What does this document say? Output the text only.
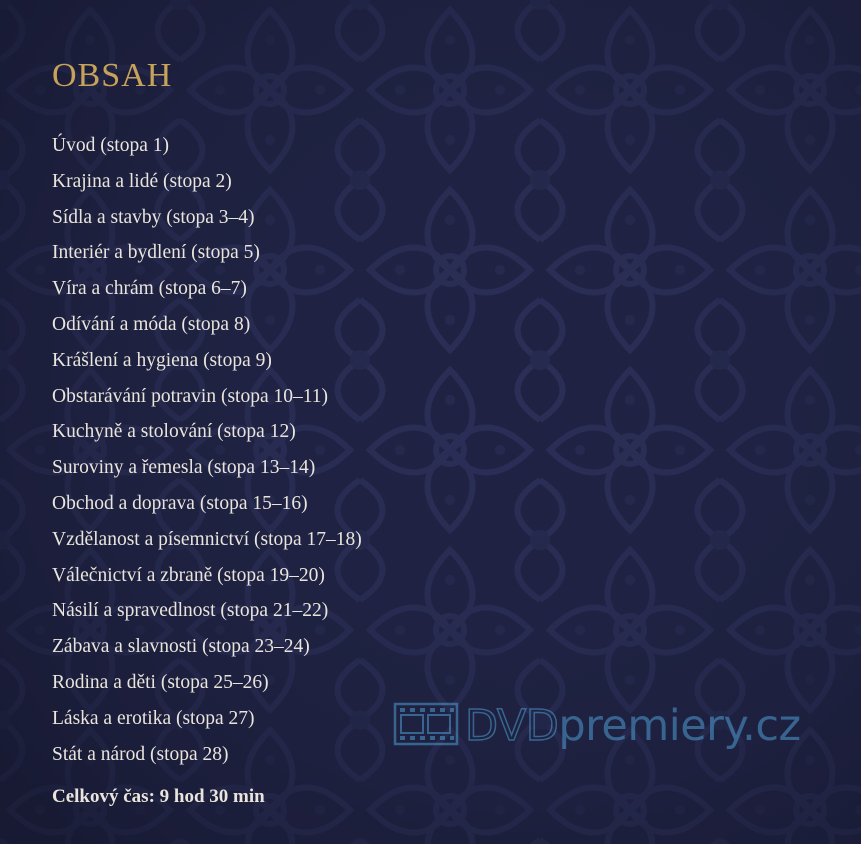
OBSAH
Úvod (stopa 1)
Krajina a lidé (stopa 2)
Sídla a stavby (stopa 3–4)
Interiér a bydlení (stopa 5)
Víra a chrám (stopa 6–7)
Odívání a móda (stopa 8)
Krášlení a hygiena (stopa 9)
Obstarávání potravin (stopa 10–11)
Kuchyně a stolování (stopa 12)
Suroviny a řemesla (stopa 13–14)
Obchod a doprava (stopa 15–16)
Vzdělanost a písemnictví (stopa 17–18)
Válečnictví a zbraně (stopa 19–20)
Násilí a spravedlnost (stopa 21–22)
Zábava a slavnosti (stopa 23–24)
Rodina a děti (stopa 25–26)
Láska a erotika (stopa 27)
Stát a národ (stopa 28)
Celkový čas: 9 hod 30 min
DVDpremiery.cz
